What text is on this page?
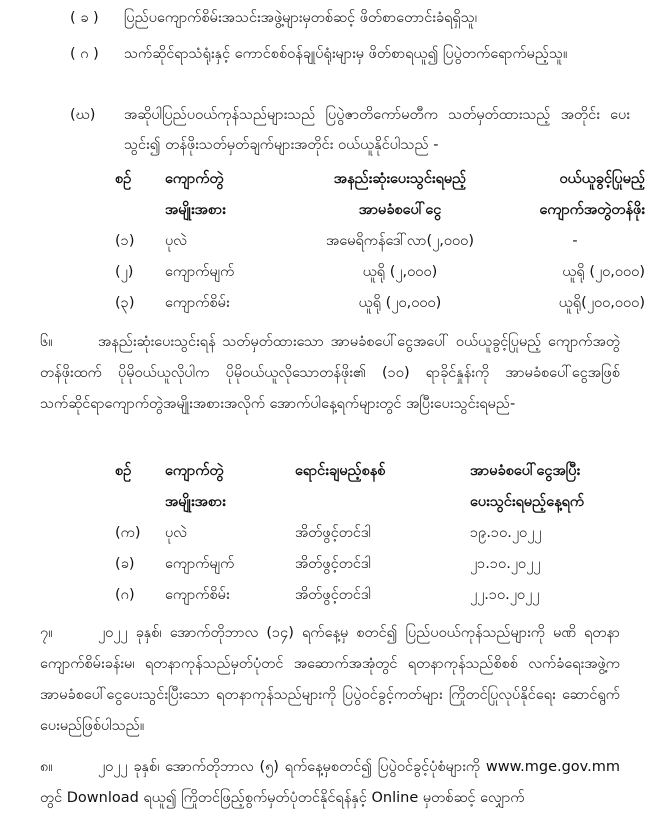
( ခ ) ပြည်ပကျောက်စိမ်းအသင်းအဖွဲ့များမှတစ်ဆင့် ဖိတ်စာတောင်းခံရရှိသူ၊
( ဂ ) သက်ဆိုင်ရာသံရုံးနှင့် ကောင်စစ်ဝန်ချုပ်ရုံးများမှ ဖိတ်စာရယူ၍ ပြပွဲတက်ရောက်မည့်သူ။
(ဃ) အဆိုပါပြည်ပဝယ်ကုန်သည်များသည် ပြပွဲဇာတိကော်မတီက သတ်မှတ်ထားသည့် အတိုင်း ပေးသွင်း၍ တန်ဖိုးသတ်မှတ်ချက်များအတိုင်း ဝယ်ယူနိုင်ပါသည် -
စဉ်	ကျောက်တွဲ	အနည်းဆုံးပေးသွင်းရမည့်	ဝယ်ယူခွင့်ပြုမည့်
	အမျိုးအစား	အာမခံစပေါ်ငွေ	ကျောက်အတွဲတန်ဖိုး
(၁)	ပုလဲ	အမေရိကန်ဒေါ်လာ(၂,၀၀၀)	-
(၂)	ကျောက်မျက်	ယူရို (၂,၀၀၀)	ယူရို (၂၀,၀၀၀)
(၃)	ကျောက်စိမ်း	ယူရို (၂၀,၀၀၀)	ယူရို(၂၀၀,၀၀၀)
၆။	အနည်းဆုံးပေးသွင်းရန် သတ်မှတ်ထားသော အာမခံစပေါ်ငွေအပေါ် ဝယ်ယူခွင့်ပြုမည့် ကျောက်အတွဲတန်ဖိုးထက် ပိုမိုဝယ်ယူလိုပါက ပိုမိုဝယ်ယူလိုသောတန်ဖိုး၏ (၁၀) ရာခိုင်နှုန်းကို အာမခံစပေါ်ငွေအဖြစ် သက်ဆိုင်ရာကျောက်တွဲအမျိုးအစားအလိုက် အောက်ပါနေ့ရက်များတွင် အပြီးပေးသွင်းရမည်-
စဉ်	ကျောက်တွဲ	ရောင်းချမည့်စနစ်	အာမခံစပေါ်ငွေအပြီး
	အမျိုးအစား		ပေးသွင်းရမည့်နေ့ရက်
(က)	ပုလဲ	အိတ်ဖွင့်တင်ဒါ	၁၉.၁၀.၂၀၂၂
(ခ)	ကျောက်မျက်	အိတ်ဖွင့်တင်ဒါ	၂၁.၁၀.၂၀၂၂
(ဂ)	ကျောက်စိမ်း	အိတ်ဖွင့်တင်ဒါ	၂၂.၁၀.၂၀၂၂
၇။	၂၀၂၂ ခုနှစ်၊ အောက်တိုဘာလ (၁၄) ရက်နေ့မှ စတင်၍ ပြည်ပဝယ်ကုန်သည်များကို မဏိ ရတနာကျောက်စိမ်းခန်းမ၊ ရတနာကုန်သည်မှတ်ပုံတင် အဆောက်အအုံတွင် ရတနာကုန်သည်စိစစ် လက်ခံရေးအဖွဲ့က အာမခံစပေါ်ငွေပေးသွင်းပြီးသော ရတနာကုန်သည်များကို ပြပွဲဝင်ခွင့်ကတ်များ ကြိုတင်ပြုလုပ်နိုင်ရေး ဆောင်ရွက်ပေးမည်ဖြစ်ပါသည်။
၈။	၂၀၂၂ ခုနှစ်၊ အောက်တိုဘာလ (၅) ရက်နေ့မှစတင်၍ ပြပွဲဝင်ခွင့်ပုံစံများကို www.mge.gov.mm တွင် Download ရယူ၍ ကြိုတင်ဖြည့်စွက်မှတ်ပုံတင်နိုင်ရန်နှင့် Online မှတစ်ဆင့် လျှောက်
